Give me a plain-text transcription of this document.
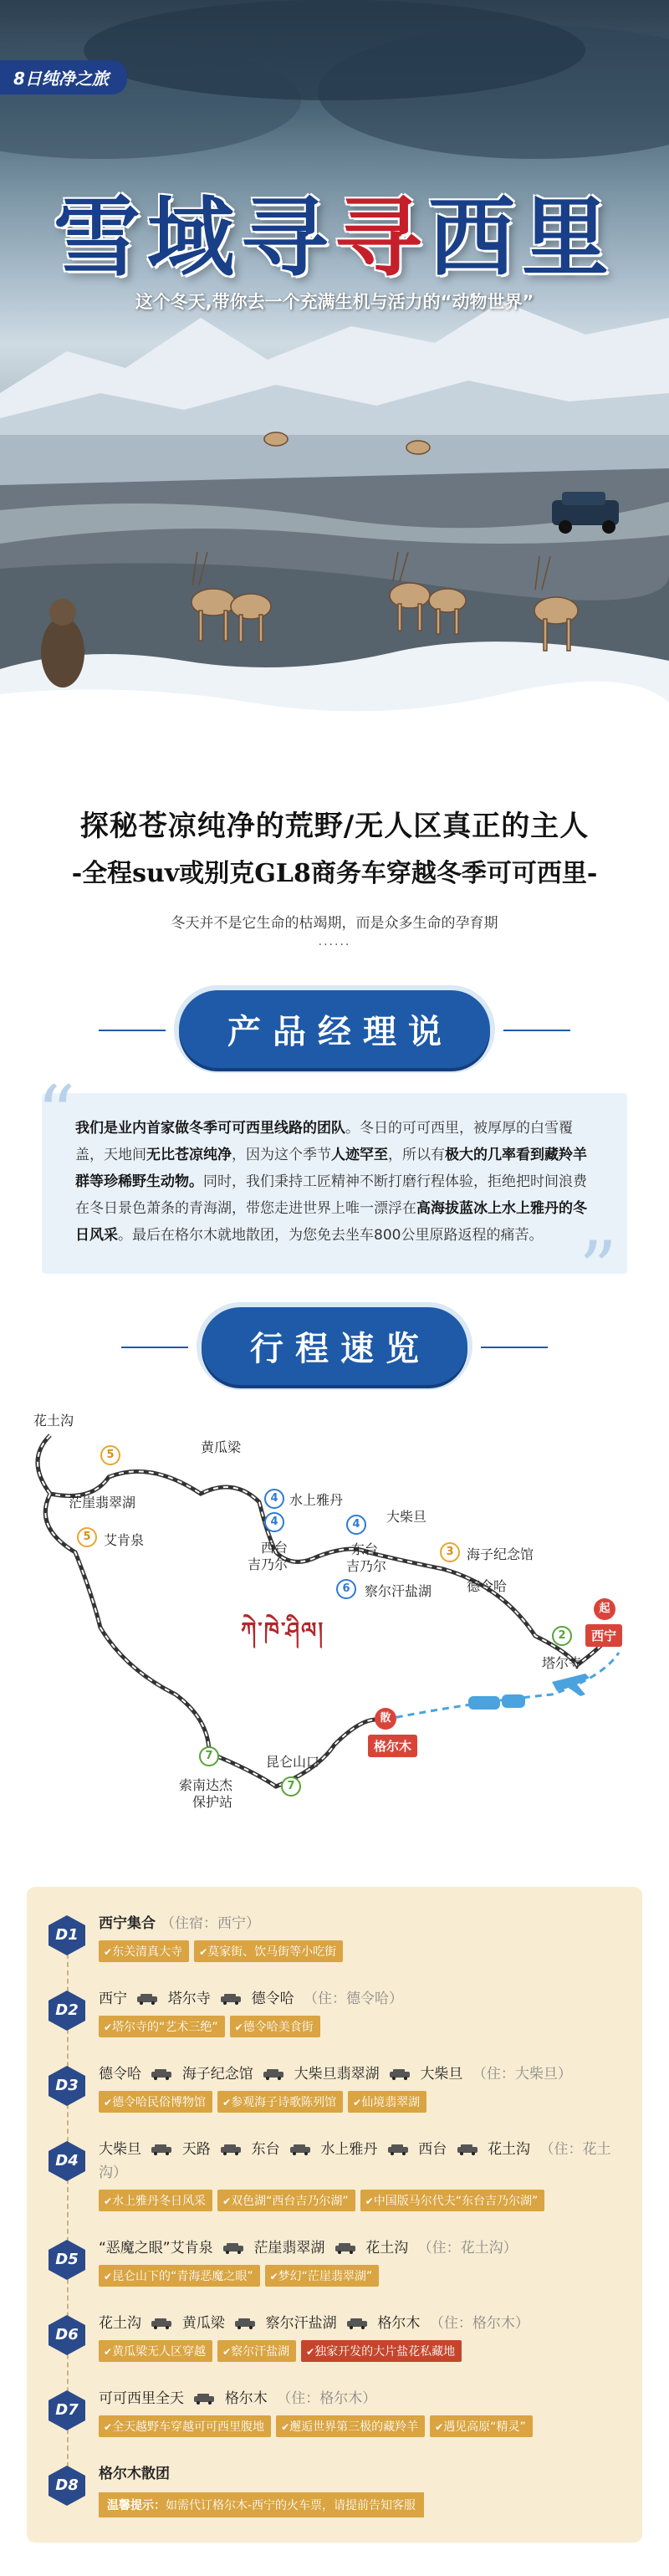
8日纯净之旅
雪域寻寻西里
这个冬天,带你去一个充满生机与活力的“动物世界”
探秘苍凉纯净的荒野/无人区真正的主人
-全程suv或别克GL8商务车穿越冬季可可西里-

冬天并不是它生命的枯竭期，而是众多生命的孕育期

......
产品经理说
“ 我们是业内首家做冬季可可西里线路的团队。冬日的可可西里，被厚厚的白雪覆盖，天地间无比苍凉纯净，因为这个季节人迹罕至，所以有极大的几率看到藏羚羊群等珍稀野生动物。同时，我们秉持工匠精神不断打磨行程体验，拒绝把时间浪费在冬日景色萧条的青海湖，带您走进世界上唯一漂浮在高海拔蓝冰上水上雅丹的冬日风采。最后在格尔木就地散团，为您免去坐车800公里原路返程的痛苦。 ”
行程速览
ཀེ་ཁེ་ཤིལ།
花土沟
5	黄瓜梁
茫崖翡翠湖
5 艾肯泉
4 水上雅丹
4
西台
吉乃尔
4
东台
吉乃尔
6	察尔汗盐湖
大柴旦
3 海子纪念馆
德令哈
起
2	西宁
塔尔寺
散
格尔木
7	昆仑山口
7
索南达杰
保护站
D1
西宁集合 （住宿：西宁）
✔ 东关清真大寺	✔ 莫家街、饮马街等小吃街
D2
西宁	塔尔寺	德令哈 （住：德令哈）
✔ 塔尔寺的“艺术三绝”	✔ 德令哈美食街
D3
德令哈	海子纪念馆	大柴旦翡翠湖	大柴旦 （住：大柴旦）
✔ 德令哈民俗博物馆	✔ 参观海子诗歌陈列馆	✔ 仙境翡翠湖
D4
大柴旦	天路	东台	水上雅丹	西台	花土沟 （住：花土沟）
✔ 水上雅丹冬日风采	✔ 双色湖“西台吉乃尔湖”	✔ 中国版马尔代夫“东台吉乃尔湖”
D5
“恶魔之眼”艾肯泉	茫崖翡翠湖	花土沟 （住：花土沟）
✔ 昆仑山下的“青海恶魔之眼”	✔ 梦幻“茫崖翡翠湖”
D6
花土沟	黄瓜梁	察尔汗盐湖	格尔木 （住：格尔木）
✔ 黄瓜梁无人区穿越	✔ 察尔汗盐湖	✔ 独家开发的大片盐花私藏地
D7
可可西里全天	格尔木 （住：格尔木）
✔ 全天越野车穿越可可西里腹地	✔ 邂逅世界第三极的藏羚羊	✔ 遇见高原“精灵”
D8
格尔木散团
温馨提示：如需代订格尔木-西宁的火车票，请提前告知客服
